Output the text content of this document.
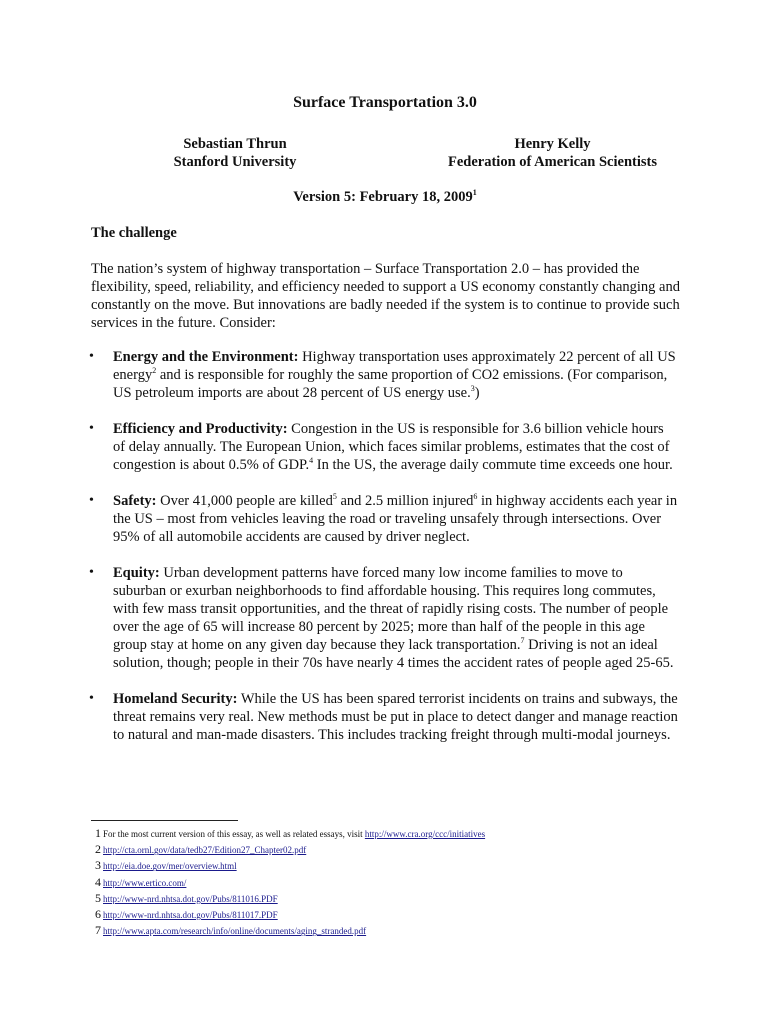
Surface Transportation 3.0
Sebastian Thrun
Stanford University
Henry Kelly
Federation of American Scientists
Version 5: February 18, 2009$^1$
The challenge
The nation’s system of highway transportation – Surface Transportation 2.0 – has provided the flexibility, speed, reliability, and efficiency needed to support a US economy constantly changing and constantly on the move. But innovations are badly needed if the system is to continue to provide such services in the future. Consider:
• Energy and the Environment: Highway transportation uses approximately 22 percent of all US energy$^2$ and is responsible for roughly the same proportion of CO2 emissions. (For comparison, US petroleum imports are about 28 percent of US energy use.$^3$)
• Efficiency and Productivity: Congestion in the US is responsible for 3.6 billion vehicle hours of delay annually. The European Union, which faces similar problems, estimates that the cost of congestion is about 0.5% of GDP.$^4$ In the US, the average daily commute time exceeds one hour.
• Safety: Over 41,000 people are killed$^5$ and 2.5 million injured$^6$ in highway accidents each year in the US – most from vehicles leaving the road or traveling unsafely through intersections. Over 95% of all automobile accidents are caused by driver neglect.
• Equity: Urban development patterns have forced many low income families to move to suburban or exurban neighborhoods to find affordable housing. This requires long commutes, with few mass transit opportunities, and the threat of rapidly rising costs. The number of people over the age of 65 will increase 80 percent by 2025; more than half of the people in this age group stay at home on any given day because they lack transportation.$^7$ Driving is not an ideal solution, though; people in their 70s have nearly 4 times the accident rates of people aged 25-65.
• Homeland Security: While the US has been spared terrorist incidents on trains and subways, the threat remains very real. New methods must be put in place to detect danger and manage reaction to natural and man-made disasters. This includes tracking freight through multi-modal journeys.
1 For the most current version of this essay, as well as related essays, visit http://www.cra.org/ccc/initiatives
2 http://cta.ornl.gov/data/tedb27/Edition27_Chapter02.pdf
3 http://eia.doe.gov/mer/overview.html
4 http://www.ertico.com/
5 http://www-nrd.nhtsa.dot.gov/Pubs/811016.PDF
6 http://www-nrd.nhtsa.dot.gov/Pubs/811017.PDF
7 http://www.apta.com/research/info/online/documents/aging_stranded.pdf
